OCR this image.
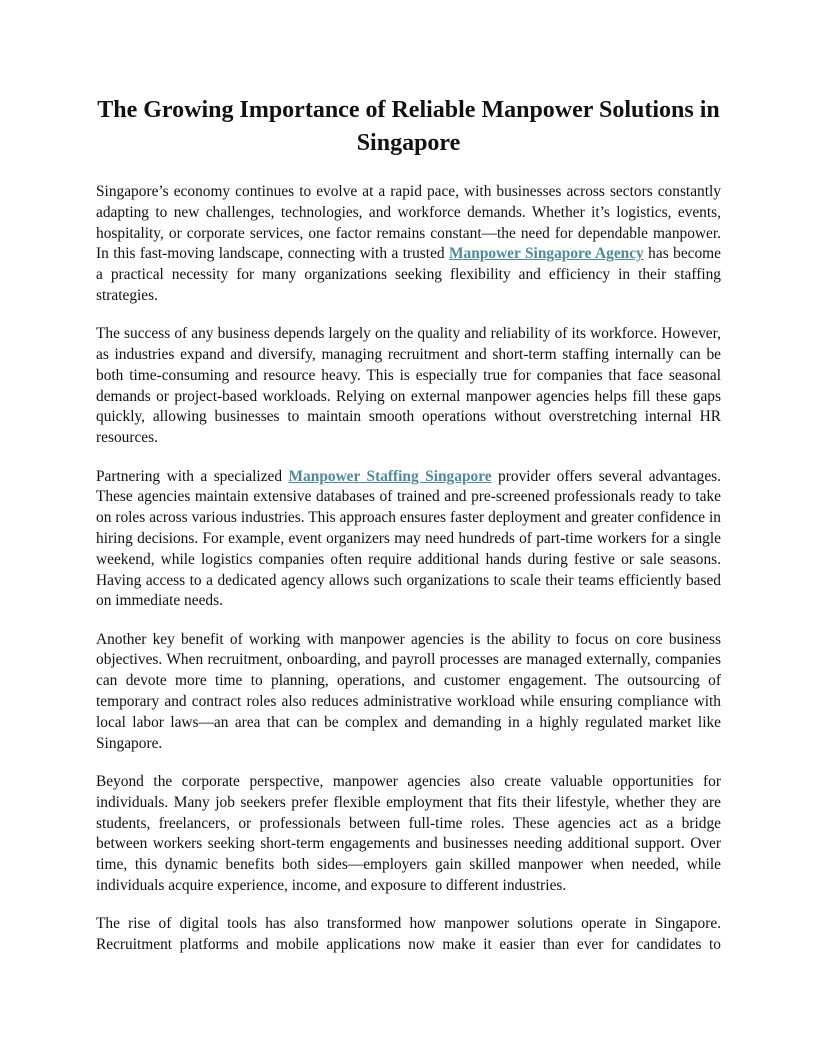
The Growing Importance of Reliable Manpower Solutions in Singapore

Singapore’s economy continues to evolve at a rapid pace, with businesses across sectors constantly adapting to new challenges, technologies, and workforce demands. Whether it’s logistics, events, hospitality, or corporate services, one factor remains constant—the need for dependable manpower. In this fast-moving landscape, connecting with a trusted Manpower Singapore Agency has become a practical necessity for many organizations seeking flexibility and efficiency in their staffing strategies.

The success of any business depends largely on the quality and reliability of its workforce. However, as industries expand and diversify, managing recruitment and short-term staffing internally can be both time-consuming and resource heavy. This is especially true for companies that face seasonal demands or project-based workloads. Relying on external manpower agencies helps fill these gaps quickly, allowing businesses to maintain smooth operations without overstretching internal HR resources.

Partnering with a specialized Manpower Staffing Singapore provider offers several advantages. These agencies maintain extensive databases of trained and pre-screened professionals ready to take on roles across various industries. This approach ensures faster deployment and greater confidence in hiring decisions. For example, event organizers may need hundreds of part-time workers for a single weekend, while logistics companies often require additional hands during festive or sale seasons. Having access to a dedicated agency allows such organizations to scale their teams efficiently based on immediate needs.

Another key benefit of working with manpower agencies is the ability to focus on core business objectives. When recruitment, onboarding, and payroll processes are managed externally, companies can devote more time to planning, operations, and customer engagement. The outsourcing of temporary and contract roles also reduces administrative workload while ensuring compliance with local labor laws—an area that can be complex and demanding in a highly regulated market like Singapore.

Beyond the corporate perspective, manpower agencies also create valuable opportunities for individuals. Many job seekers prefer flexible employment that fits their lifestyle, whether they are students, freelancers, or professionals between full-time roles. These agencies act as a bridge between workers seeking short-term engagements and businesses needing additional support. Over time, this dynamic benefits both sides—employers gain skilled manpower when needed, while individuals acquire experience, income, and exposure to different industries.

The rise of digital tools has also transformed how manpower solutions operate in Singapore. Recruitment platforms and mobile applications now make it easier than ever for candidates to
